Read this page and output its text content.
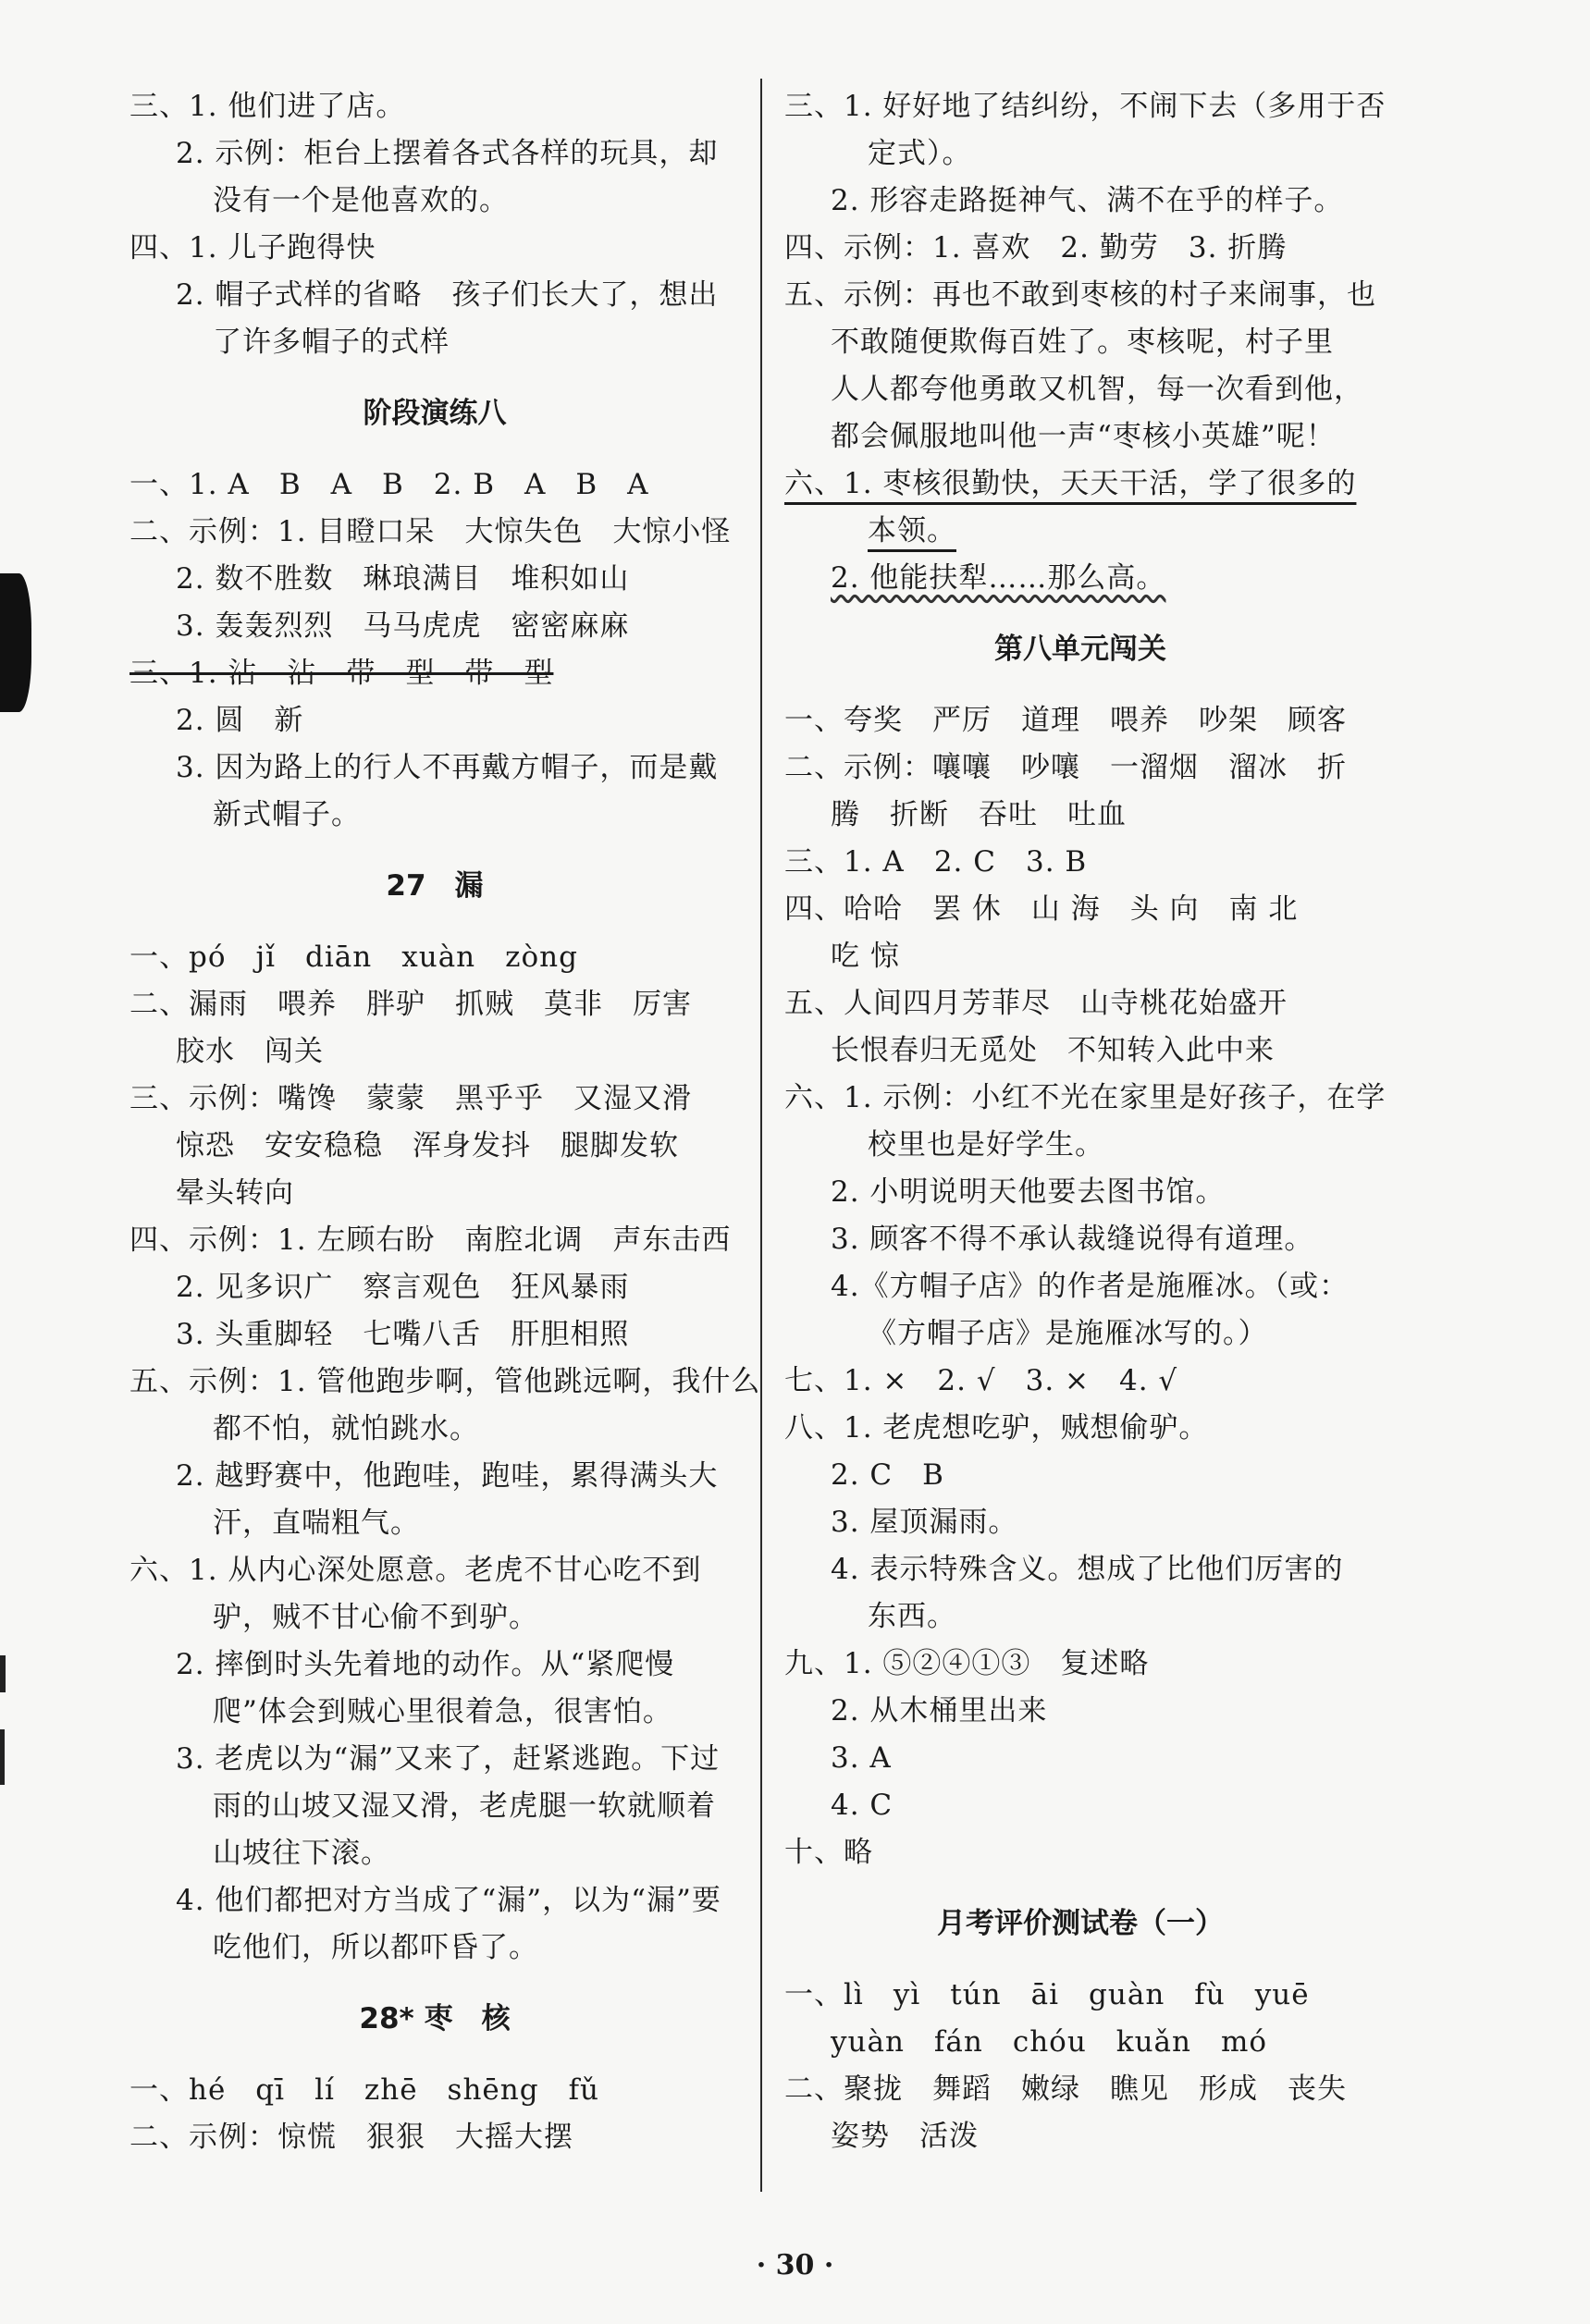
三、1. 他们进了店。
2. 示例：柜台上摆着各式各样的玩具，却
没有一个是他喜欢的。
四、1. 儿子跑得快
2. 帽子式样的省略　孩子们长大了，想出
了许多帽子的式样
阶段演练八
一、1. A　B　A　B　2. B　A　B　A
二、示例：1. 目瞪口呆　大惊失色　大惊小怪
2. 数不胜数　琳琅满目　堆积如山
3. 轰轰烈烈　马马虎虎　密密麻麻
三、1. 沾　沾　带　型　带　型
2. 圆　新
3. 因为路上的行人不再戴方帽子，而是戴
新式帽子。
27　漏
一、pó　jǐ　diān　xuàn　zòng
二、漏雨　喂养　胖驴　抓贼　莫非　厉害
胶水　闯关
三、示例：嘴馋　蒙蒙　黑乎乎　又湿又滑
惊恐　安安稳稳　浑身发抖　腿脚发软
晕头转向
四、示例：1. 左顾右盼　南腔北调　声东击西
2. 见多识广　察言观色　狂风暴雨
3. 头重脚轻　七嘴八舌　肝胆相照
五、示例：1. 管他跑步啊，管他跳远啊，我什么
都不怕，就怕跳水。
2. 越野赛中，他跑哇，跑哇，累得满头大
汗，直喘粗气。
六、1. 从内心深处愿意。老虎不甘心吃不到
驴，贼不甘心偷不到驴。
2. 摔倒时头先着地的动作。从“紧爬慢
爬”体会到贼心里很着急，很害怕。
3. 老虎以为“漏”又来了，赶紧逃跑。下过
雨的山坡又湿又滑，老虎腿一软就顺着
山坡往下滚。
4. 他们都把对方当成了“漏”，以为“漏”要
吃他们，所以都吓昏了。
28* 枣　核
一、hé　qī　lí　zhē　shēng　fǔ
二、示例：惊慌　狠狠　大摇大摆
三、1. 好好地了结纠纷，不闹下去（多用于否
定式）。
2. 形容走路挺神气、满不在乎的样子。
四、示例：1. 喜欢　2. 勤劳　3. 折腾
五、示例：再也不敢到枣核的村子来闹事，也
不敢随便欺侮百姓了。枣核呢，村子里
人人都夸他勇敢又机智，每一次看到他，
都会佩服地叫他一声“枣核小英雄”呢！
六、1. 枣核很勤快，天天干活，学了很多的
本领。
2. 他能扶犁……那么高。
第八单元闯关
一、夸奖　严厉　道理　喂养　吵架　顾客
二、示例：嚷嚷　吵嚷　一溜烟　溜冰　折
腾　折断　吞吐　吐血
三、1. A　2. C　3. B
四、哈哈　罢 休　山 海　头 向　南 北
吃 惊
五、人间四月芳菲尽　山寺桃花始盛开
长恨春归无觅处　不知转入此中来
六、1. 示例：小红不光在家里是好孩子，在学
校里也是好学生。
2. 小明说明天他要去图书馆。
3. 顾客不得不承认裁缝说得有道理。
4.《方帽子店》的作者是施雁冰。（或：
《方帽子店》是施雁冰写的。）
七、1. ×　2. √　3. ×　4. √
八、1. 老虎想吃驴，贼想偷驴。
2. C　B
3. 屋顶漏雨。
4. 表示特殊含义。想成了比他们厉害的
东西。
九、1. ⑤②④①③　复述略
2. 从木桶里出来
3. A
4. C
十、略
月考评价测试卷（一）
一、lì　yì　tún　āi　guàn　fù　yuē
yuàn　fán　chóu　kuǎn　mó
二、聚拢　舞蹈　嫩绿　瞧见　形成　丧失
姿势　活泼
· 30 ·
